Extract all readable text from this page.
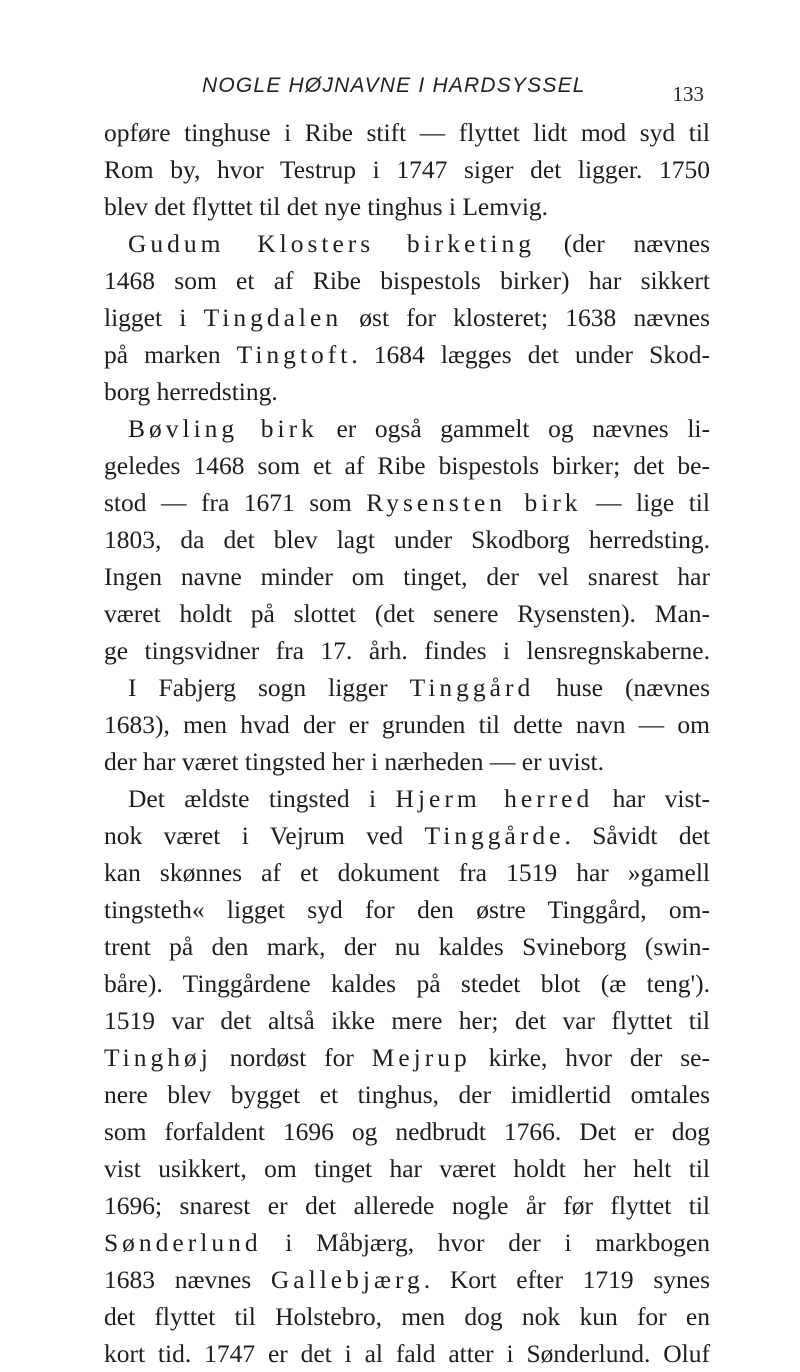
NOGLE HØJNAVNE I HARDSYSSEL	133
opføre tinghuse i Ribe stift — flyttet lidt mod syd til
Rom by, hvor Testrup i 1747 siger det ligger. 1750
blev det flyttet til det nye tinghus i Lemvig.
Gudum Klosters birketing (der nævnes
1468 som et af Ribe bispestols birker) har sikkert
ligget i Tingdalen øst for klosteret; 1638 nævnes
på marken Tingtoft. 1684 lægges det under Skod-
borg herredsting.
Bøvling birk er også gammelt og nævnes li-
geledes 1468 som et af Ribe bispestols birker; det be-
stod — fra 1671 som Rysensten birk — lige til
1803, da det blev lagt under Skodborg herredsting.
Ingen navne minder om tinget, der vel snarest har
været holdt på slottet (det senere Rysensten). Man-
ge tingsvidner fra 17. årh. findes i lensregnskaberne.
I Fabjerg sogn ligger Tinggård huse (nævnes
1683), men hvad der er grunden til dette navn — om
der har været tingsted her i nærheden — er uvist.
Det ældste tingsted i Hjerm herred har vist-
nok været i Vejrum ved Tinggårde. Såvidt det
kan skønnes af et dokument fra 1519 har »gamell
tingsteth« ligget syd for den østre Tinggård, om-
trent på den mark, der nu kaldes Svineborg (swin-
båre). Tinggårdene kaldes på stedet blot (æ teng').
1519 var det altså ikke mere her; det var flyttet til
Tinghøj nordøst for Mejrup kirke, hvor der se-
nere blev bygget et tinghus, der imidlertid omtales
som forfaldent 1696 og nedbrudt 1766. Det er dog
vist usikkert, om tinget har været holdt her helt til
1696; snarest er det allerede nogle år før flyttet til
Sønderlund i Måbjærg, hvor der i markbogen
1683 nævnes Gallebjærg. Kort efter 1719 synes
det flyttet til Holstebro, men dog nok kun for en
kort tid. 1747 er det i al fald atter i Sønderlund. Oluf
